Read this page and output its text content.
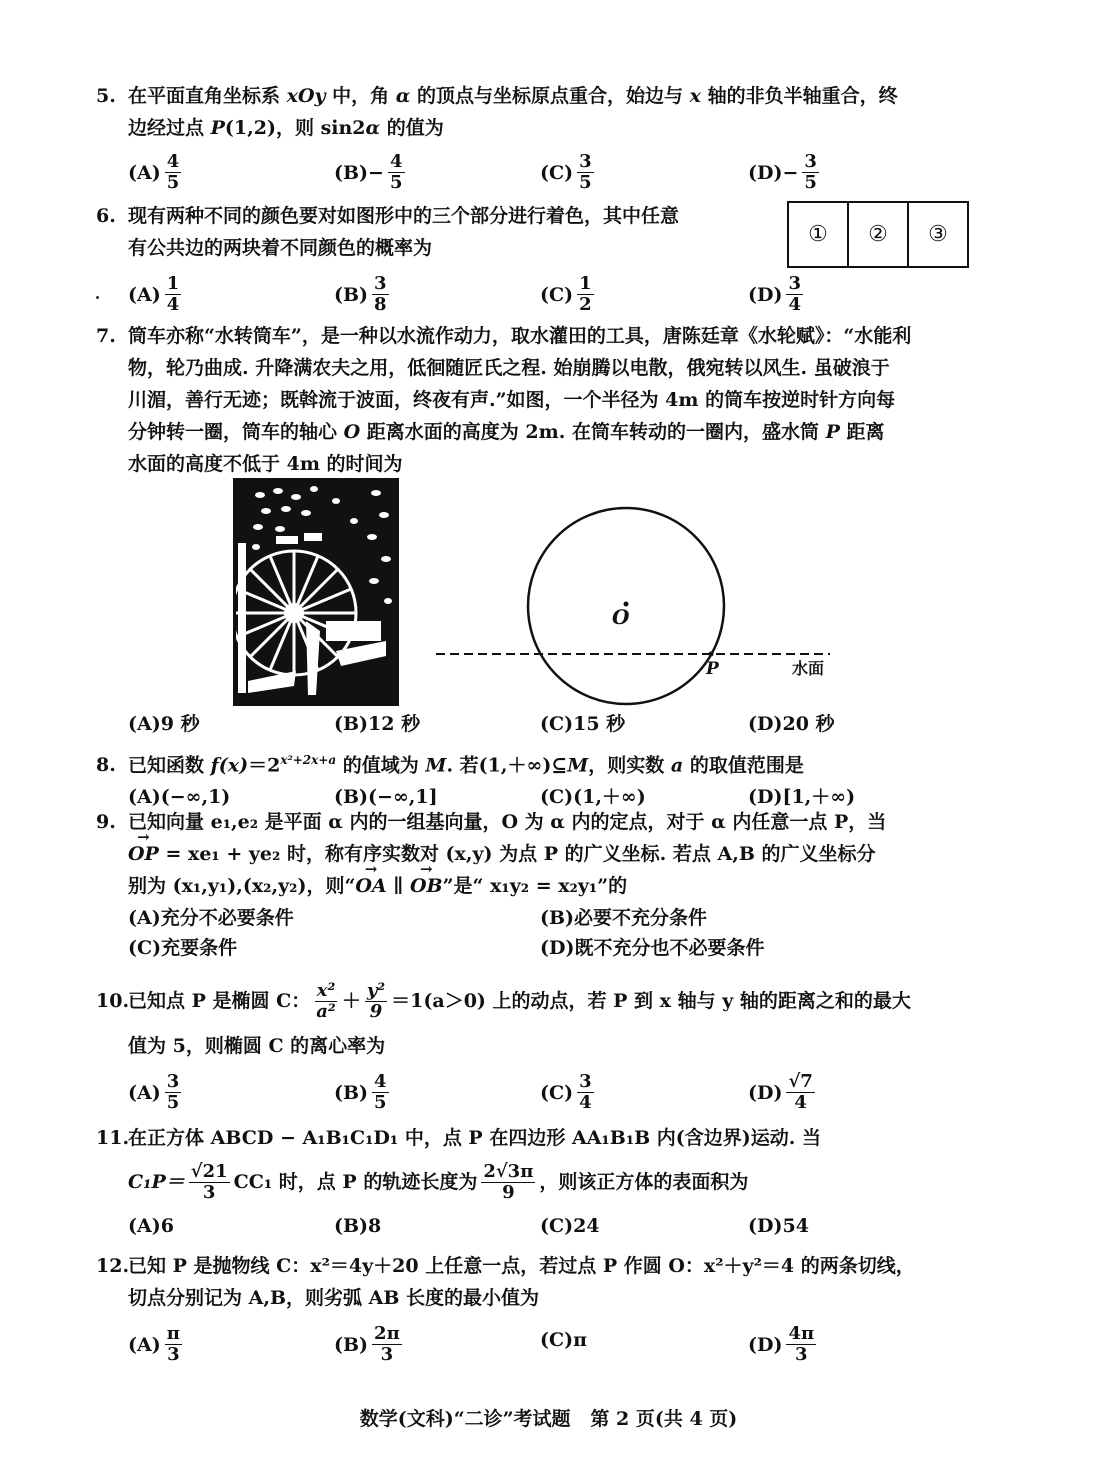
5. 在平面直角坐标系 xOy 中，角 α 的顶点与坐标原点重合，始边与 x 轴的非负半轴重合，终
边经过点 P(1,2)，则 sin2α 的值为
$(A) \frac{4}{5}$	$(B) - \frac{4}{5}$	$(C) \frac{3}{5}$	$(D) - \frac{3}{5}$
6. 现有两种不同的颜色要对如图形中的三个部分进行着色，其中任意
有公共边的两块着不同颜色的概率为
$(A) \frac{1}{4}$	$(B) \frac{3}{8}$	$(C) \frac{1}{2}$	$(D) \frac{3}{4}$
①	②	③
7. 筒车亦称“水转筒车”，是一种以水流作动力，取水灌田的工具，唐陈廷章《水轮赋》：“水能利
物，轮乃曲成. 升降满农夫之用，低徊随匠氏之程. 始崩腾以电散，俄宛转以风生. 虽破浪于
川湄，善行无迹；既斡流于波面，终夜有声.”如图，一个半径为 4m 的筒车按逆时针方向每
分钟转一圈，筒车的轴心 O 距离水面的高度为 2m. 在筒车转动的一圈内，盛水筒 P 距离
水面的高度不低于 4m 的时间为
O
P	水面
(A) 9 秒	(B) 12 秒	(C) 15 秒	(D) 20 秒
8. 已知函数 $f(x)=2^{x^2+2x+a}$ 的值域为 M. 若(1,＋∞)⊆M，则实数 a 的取值范围是
(A) (−∞,1)	(B) (−∞,1]	(C) (1,＋∞)	(D) [1,＋∞)
9. 已知向量 e₁,e₂ 是平面 α 内的一组基向量，O 为 α 内的定点，对于 α 内任意一点 P，当
→ OP = xe₁ + ye₂ 时，称有序实数对 (x,y) 为点 P 的广义坐标. 若点 A,B 的广义坐标分
别为 (x₁,y₁),(x₂,y₂)，则“→ OA ∥ → OB”是“ x₁y₂ = x₂y₁”的
(A) 充分不必要条件	(B) 必要不充分条件
(C) 充要条件	(D) 既不充分也不必要条件
10.
已知点 P 是椭圆 C： $\frac{\text{x²}}{\text{a²}} + \frac{\text{y²}}{9} =1(a>0)$ 上的动点，若 P 到 x 轴与 y 轴的距离之和的最大
值为 5，则椭圆 C 的离心率为
$(A) \frac{3}{5}$	$(B) \frac{4}{5}$	$(C) \frac{3}{4}$	$(D) \frac{√7}{4}$
11.在正方体 ABCD − A₁B₁C₁D₁ 中，点 P 在四边形 AA₁B₁B 内(含边界)运动. 当
$C_1P= \frac{√21}{3} CC_1$ 时，点 P 的轨迹长度为 $\frac{2√3\pi}{9}$ ，则该正方体的表面积为
(A) 6	(B) 8	(C) 24	(D) 54
12.已知 P 是抛物线 C：x²＝4y＋20 上任意一点，若过点 P 作圆 O：x²＋y²＝4 的两条切线，
切点分别记为 A,B，则劣弧 AB 长度的最小值为
$(A) \frac{\pi}{3}$	$(B) \frac{2\pi}{3}$	(C) π	$(D) \frac{4\pi}{3}$
数学(文科)“二诊”考试题   第 2 页(共 4 页)
